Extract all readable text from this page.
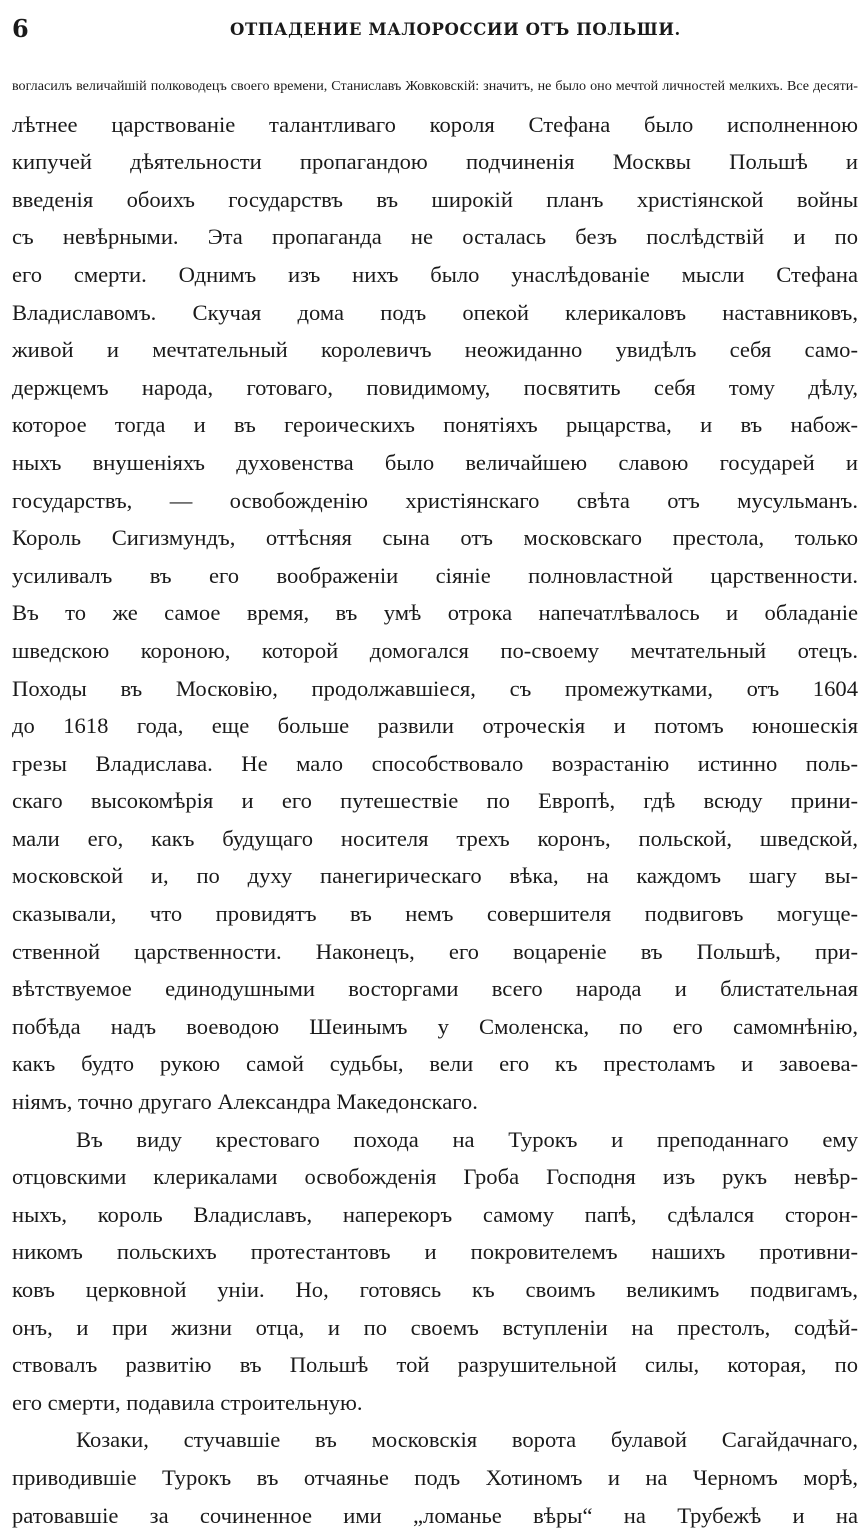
6	ОТПАДЕНИЕ МАЛОРОССИИ ОТЪ ПОЛЬШИ.
вогласилъ величайшій полководецъ своего времени, Станиславъ Жовковскій: значитъ, не было оно мечтой личностей мелкихъ. Все десяти-
лѣтнее царствованіе талантливаго короля Стефана было исполненною
кипучей дѣятельности пропагандою подчиненія Москвы Польшѣ и
введенія обоихъ государствъ въ широкій планъ христіянской войны
съ невѣрными. Эта пропаганда не осталась безъ послѣдствій и по
его смерти. Однимъ изъ нихъ было унаслѣдованіе мысли Стефана
Владиславомъ. Скучая дома подъ опекой клерикаловъ наставниковъ,
живой и мечтательный королевичъ неожиданно увидѣлъ себя само-
держцемъ народа, готоваго, повидимому, посвятить себя тому дѣлу,
которое тогда и въ героическихъ понятіяхъ рыцарства, и въ набож-
ныхъ внушеніяхъ духовенства было величайшею славою государей и
государствъ, — освобожденію христіянскаго свѣта отъ мусульманъ.
Король Сигизмундъ, оттѣсняя сына отъ московскаго престола, только
усиливалъ въ его воображеніи сіяніе полновластной царственности.
Въ то же самое время, въ умѣ отрока напечатлѣвалось и обладаніе
шведскою короною, которой домогался по-своему мечтательный отецъ.
Походы въ Московію, продолжавшіеся, съ промежутками, отъ 1604
до 1618 года, еще больше развили отроческія и потомъ юношескія
грезы Владислава. Не мало способствовало возрастанію истинно поль-
скаго высокомѣрія и его путешествіе по Европѣ, гдѣ всюду прини-
мали его, какъ будущаго носителя трехъ коронъ, польской, шведской,
московской и, по духу панегирическаго вѣка, на каждомъ шагу вы-
сказывали, что провидятъ въ немъ совершителя подвиговъ могуще-
ственной царственности. Наконецъ, его воцареніе въ Польшѣ, при-
вѣтствуемое единодушными восторгами всего народа и блистательная
побѣда надъ воеводою Шеинымъ у Смоленска, по его самомнѣнію,
какъ будто рукою самой судьбы, вели его къ престоламъ и завоева-
ніямъ, точно другаго Александра Македонскаго.
Въ виду крестоваго похода на Турокъ и преподаннаго ему
отцовскими клерикалами освобожденія Гроба Господня изъ рукъ невѣр-
ныхъ, король Владиславъ, наперекоръ самому папѣ, сдѣлался сторон-
никомъ польскихъ протестантовъ и покровителемъ нашихъ противни-
ковъ церковной уніи. Но, готовясь къ своимъ великимъ подвигамъ,
онъ, и при жизни отца, и по своемъ вступленіи на престолъ, содѣй-
ствовалъ развитію въ Польшѣ той разрушительной силы, которая, по
его смерти, подавила строительную.
Козаки, стучавшіе въ московскія ворота булавой Сагайдачнаго,
приводившіе Турокъ въ отчаянье подъ Хотиномъ и на Черномъ морѣ,
ратовавшіе за сочиненное ими „ломанье вѣры“ на Трубежѣ и на
